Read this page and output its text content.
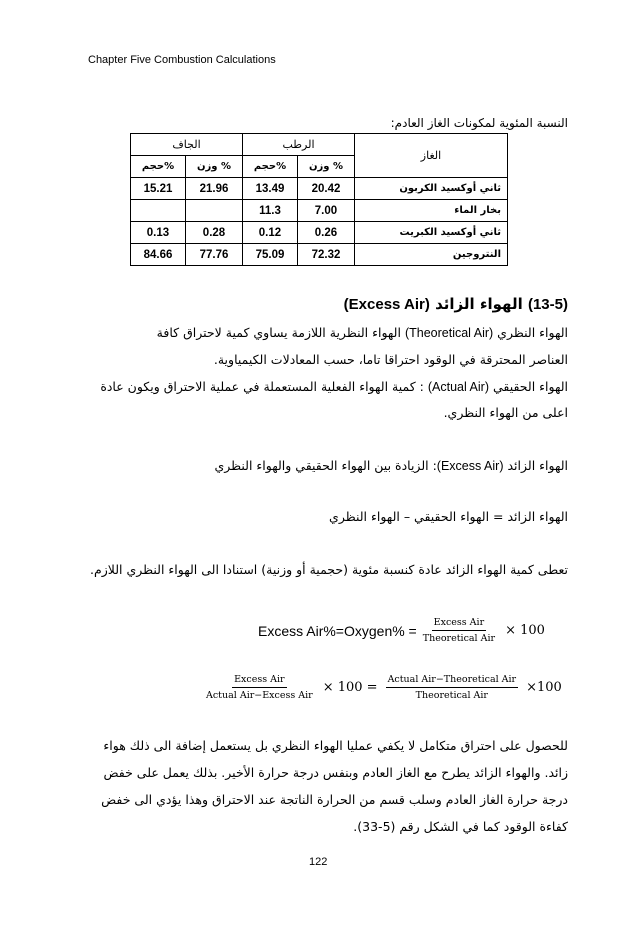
Chapter Five Combustion Calculations
النسبة المئوية لمكونات الغاز العادم:
الغاز	الرطب		الجاف	
	% وزن	%حجم	% وزن	%حجم
ثاني أوكسيد الكربون	20.42	13.49	21.96	15.21
بخار الماء	7.00	11.3		
ثاني أوكسيد الكبريت	0.26	0.12	0.28	0.13
النتروجين	72.32	75.09	77.76	84.66
(13-5) الهواء الزائد (Excess Air)
الهواء النظري (Theoretical Air) الهواء النظرية اللازمة يساوي كمية لاحتراق كافة
العناصر المحترقة في الوقود احتراقا تاما، حسب المعادلات الكيمياوية.
الهواء الحقيقي (Actual Air) : كمية الهواء الفعلية المستعملة في عملية الاحتراق ويكون عادة
اعلى من الهواء النظري.
الهواء الزائد (Excess Air): الزيادة بين الهواء الحقيقي والهواء النظري
الهواء الزائد = الهواء الحقيقي – الهواء النظري
تعطى كمية الهواء الزائد عادة كنسبة مئوية (حجمية أو وزنية) استنادا الى الهواء النظري اللازم.
Excess Air%=Oxygen% = $\frac{\text{Excess Air}}{\text{Theoretical Air}} \times 100$
$\frac{\text{Excess Air}}{\text{Actual Air−Excess Air}} \times 100 = \frac{\text{Actual Air−Theoretical Air}}{\text{Theoretical Air}} \times 100$
للحصول على احتراق متكامل لا يكفي عمليا الهواء النظري بل يستعمل إضافة الى ذلك هواء
زائد. والهواء الزائد يطرح مع الغاز العادم وبنفس درجة حرارة الأخير. بذلك يعمل على خفض
درجة حرارة الغاز العادم وسلب قسم من الحرارة الناتجة عند الاحتراق وهذا يؤدي الى خفض
كفاءة الوقود كما في الشكل رقم (5-33).
122
